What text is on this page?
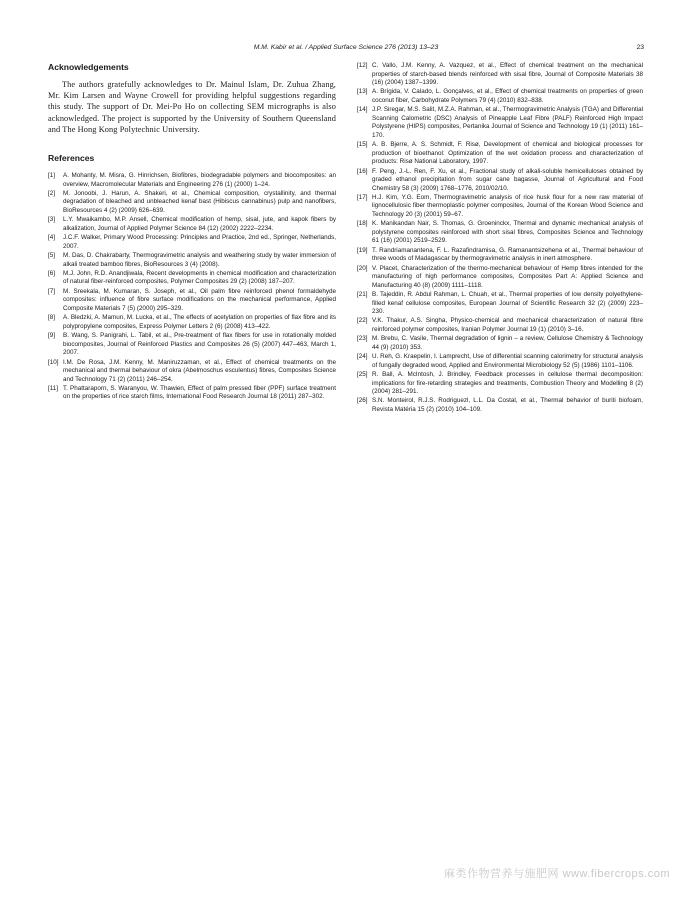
M.M. Kabir et al. / Applied Surface Science 276 (2013) 13–23	23
Acknowledgements

The authors gratefully acknowledges to Dr. Mainul Islam, Dr. Zuhua Zhang, Mr. Kim Larsen and Wayne Crowell for providing helpful suggestions regarding this study. The support of Dr. Mei-Po Ho on collecting SEM micrographs is also acknowledged. The project is supported by the University of Southern Queensland and The Hong Kong Polytechnic University.

References
[1]	A. Mohanty, M. Misra, G. Hinrichsen, Biofibres, biodegradable polymers and biocomposites: an overview, Macromolecular Materials and Engineering 276 (1) (2000) 1–24.
[2]	M. Jonoobi, J. Harun, A. Shakeri, et al., Chemical composition, crystallinity, and thermal degradation of bleached and unbleached kenaf bast (Hibiscus cannabinus) pulp and nanofibers, BioResources 4 (2) (2009) 626–639.
[3]	L.Y. Mwaikambo, M.P. Ansell, Chemical modification of hemp, sisal, jute, and kapok fibers by alkalization, Journal of Applied Polymer Science 84 (12) (2002) 2222–2234.
[4]	J.C.F. Walker, Primary Wood Processing: Principles and Practice, 2nd ed., Springer, Netherlands, 2007.
[5]	M. Das, D. Chakrabarty, Thermogravimetric analysis and weathering study by water immersion of alkali treated bamboo fibres, BioResources 3 (4) (2008).
[6]	M.J. John, R.D. Anandjiwala, Recent developments in chemical modification and characterization of natural fiber-reinforced composites, Polymer Composites 29 (2) (2008) 187–207.
[7]	M. Sreekala, M. Kumaran, S. Joseph, et al., Oil palm fibre reinforced phenol formaldehyde composites: influence of fibre surface modifications on the mechanical performance, Applied Composite Materials 7 (5) (2000) 295–329.
[8]	A. Bledzki, A. Mamun, M. Lucka, et al., The effects of acetylation on properties of flax fibre and its polypropylene composites, Express Polymer Letters 2 (6) (2008) 413–422.
[9]	B. Wang, S. Panigrahi, L. Tabil, et al., Pre-treatment of flax fibers for use in rotationally molded biocomposites, Journal of Reinforced Plastics and Composites 26 (5) (2007) 447–463, March 1, 2007.
[10] I.M. De Rosa, J.M. Kenny, M. Maniruzzaman, et al., Effect of chemical treatments on the mechanical and thermal behaviour of okra (Abelmoschus esculentus) fibres, Composites Science and Technology 71 (2) (2011) 246–254.
[11] T. Phattaraporn, S. Waranyou, W. Thawien, Effect of palm pressed fiber (PPF) surface treatment on the properties of rice starch films, International Food Research Journal 18 (2011) 287–302.
[12] C. Vallo, J.M. Kenny, A. Vazquez, et al., Effect of chemical treatment on the mechanical properties of starch-based blends reinforced with sisal fibre, Journal of Composite Materials 38 (16) (2004) 1387–1399.
[13] A. Brígida, V. Calado, L. Gonçalves, et al., Effect of chemical treatments on properties of green coconut fiber, Carbohydrate Polymers 79 (4) (2010) 832–838.
[14] J.P. Siregar, M.S. Salit, M.Z.A. Rahman, et al., Thermogravimetric Analysis (TGA) and Differential Scanning Calometric (DSC) Analysis of Pineapple Leaf Fibre (PALF) Reinforced High Impact Polystyrene (HIPS) composites, Pertanika Journal of Science and Technology 19 (1) (2011) 161–170.
[15] A. B. Bjerre, A. S. Schmidt, F. Risø, Development of chemical and biological processes for production of bioethanol: Optimization of the wet oxidation process and characterization of products: Risø National Laboratory, 1997.
[16] F. Peng, J.-L. Ren, F. Xu, et al., Fractional study of alkali-soluble hemicelluloses obtained by graded ethanol precipitation from sugar cane bagasse, Journal of Agricultural and Food Chemistry 58 (3) (2009) 1768–1776, 2010/02/10.
[17] H.J. Kim, Y.G. Eom, Thermogravimetric analysis of rice husk flour for a new raw material of lignocellulosic fiber thermoplastic polymer composites, Journal of the Korean Wood Science and Technology 20 (3) (2001) 59–67.
[18] K. Manikandan Nair, S. Thomas, G. Groeninckx, Thermal and dynamic mechanical analysis of polystyrene composites reinforced with short sisal fibres, Composites Science and Technology 61 (16) (2001) 2519–2529.
[19] T. Randriamanantena, F. L. Razafindramisa, G. Ramanantsizehena et al., Thermal behaviour of three woods of Madagascar by thermogravimetric analysis in inert atmosphere.
[20] V. Placet, Characterization of the thermo-mechanical behaviour of Hemp fibres intended for the manufacturing of high performance composites, Composites Part A: Applied Science and Manufacturing 40 (8) (2009) 1111–1118.
[21] B. Tajeddin, R. Abdul Rahman, L. Chuah, et al., Thermal properties of low density polyethylene-filled kenaf cellulose composites, European Journal of Scientific Research 32 (2) (2009) 223–230.
[22] V.K. Thakur, A.S. Singha, Physico-chemical and mechanical characterization of natural fibre reinforced polymer composites, Iranian Polymer Journal 19 (1) (2010) 3–16.
[23] M. Brebu, C. Vasile, Thermal degradation of lignin – a review, Cellulose Chemistry & Technology 44 (9) (2010) 353.
[24] U. Reh, G. Kraepelin, I. Lamprecht, Use of differential scanning calorimetry for structural analysis of fungally degraded wood, Applied and Environmental Microbiology 52 (5) (1986) 1101–1106.
[25] R. Ball, A. McIntosh, J. Brindley, Feedback processes in cellulose thermal decomposition: implications for fire-retarding strategies and treatments, Combustion Theory and Modelling 8 (2) (2004) 281–291.
[26] S.N. Monteirol, R.J.S. Rodriguezl, L.L. Da Costal, et al., Thermal behavior of buriti biofoam, Revista Matéria 15 (2) (2010) 104–109.
麻类作物营养与施肥网 www.fibercrops.com
